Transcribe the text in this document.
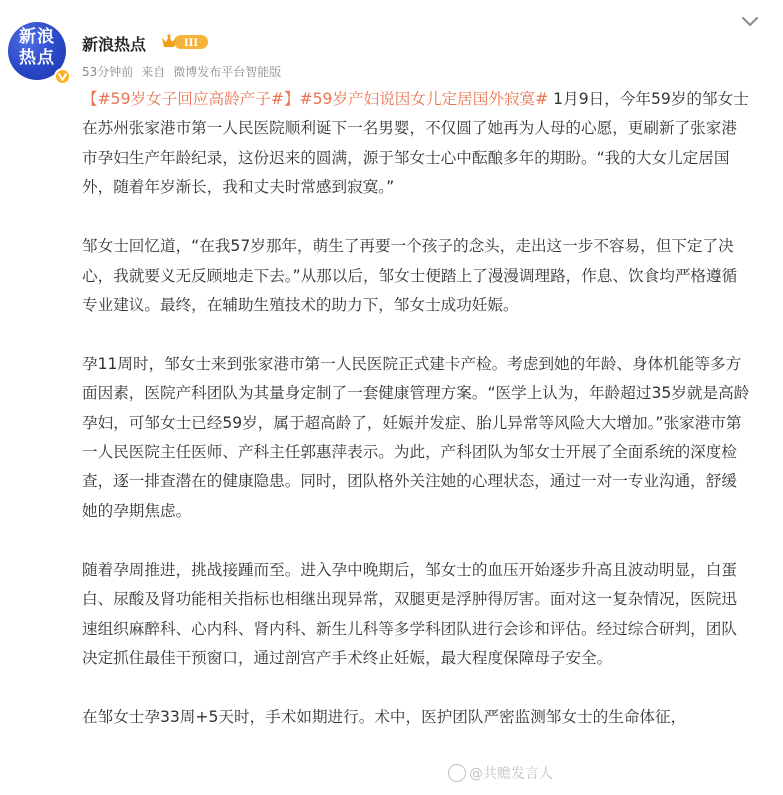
新浪
热点
新浪热点	III
53分钟前 来自 微博发布平台智能版

【#59岁女子回应高龄产子#】#59岁产妇说因女儿定居国外寂寞# 1月9日，今年59岁的邹女士在苏州张家港市第一人民医院顺利诞下一名男婴，不仅圆了她再为人母的心愿，更刷新了张家港市孕妇生产年龄纪录，这份迟来的圆满，源于邹女士心中酝酿多年的期盼。“我的大女儿定居国外，随着年岁渐长，我和丈夫时常感到寂寞。”

邹女士回忆道，“在我57岁那年，萌生了再要一个孩子的念头，走出这一步不容易，但下定了决心，我就要义无反顾地走下去。”从那以后，邹女士便踏上了漫漫调理路，作息、饮食均严格遵循专业建议。最终，在辅助生殖技术的助力下，邹女士成功妊娠。

孕11周时，邹女士来到张家港市第一人民医院正式建卡产检。考虑到她的年龄、身体机能等多方面因素，医院产科团队为其量身定制了一套健康管理方案。“医学上认为，年龄超过35岁就是高龄孕妇，可邹女士已经59岁，属于超高龄了，妊娠并发症、胎儿异常等风险大大增加。”张家港市第一人民医院主任医师、产科主任郭惠萍表示。为此，产科团队为邹女士开展了全面系统的深度检查，逐一排查潜在的健康隐患。同时，团队格外关注她的心理状态，通过一对一专业沟通，舒缓她的孕期焦虑。

随着孕周推进，挑战接踵而至。进入孕中晚期后，邹女士的血压开始逐步升高且波动明显，白蛋白、尿酸及肾功能相关指标也相继出现异常，双腿更是浮肿得厉害。面对这一复杂情况，医院迅速组织麻醉科、心内科、肾内科、新生儿科等多学科团队进行会诊和评估。经过综合研判，团队决定抓住最佳干预窗口，通过剖宫产手术终止妊娠，最大程度保障母子安全。

在邹女士孕33周+5天时，手术如期进行。术中，医护团队严密监测邹女士的生命体征，

@共赡发言人
